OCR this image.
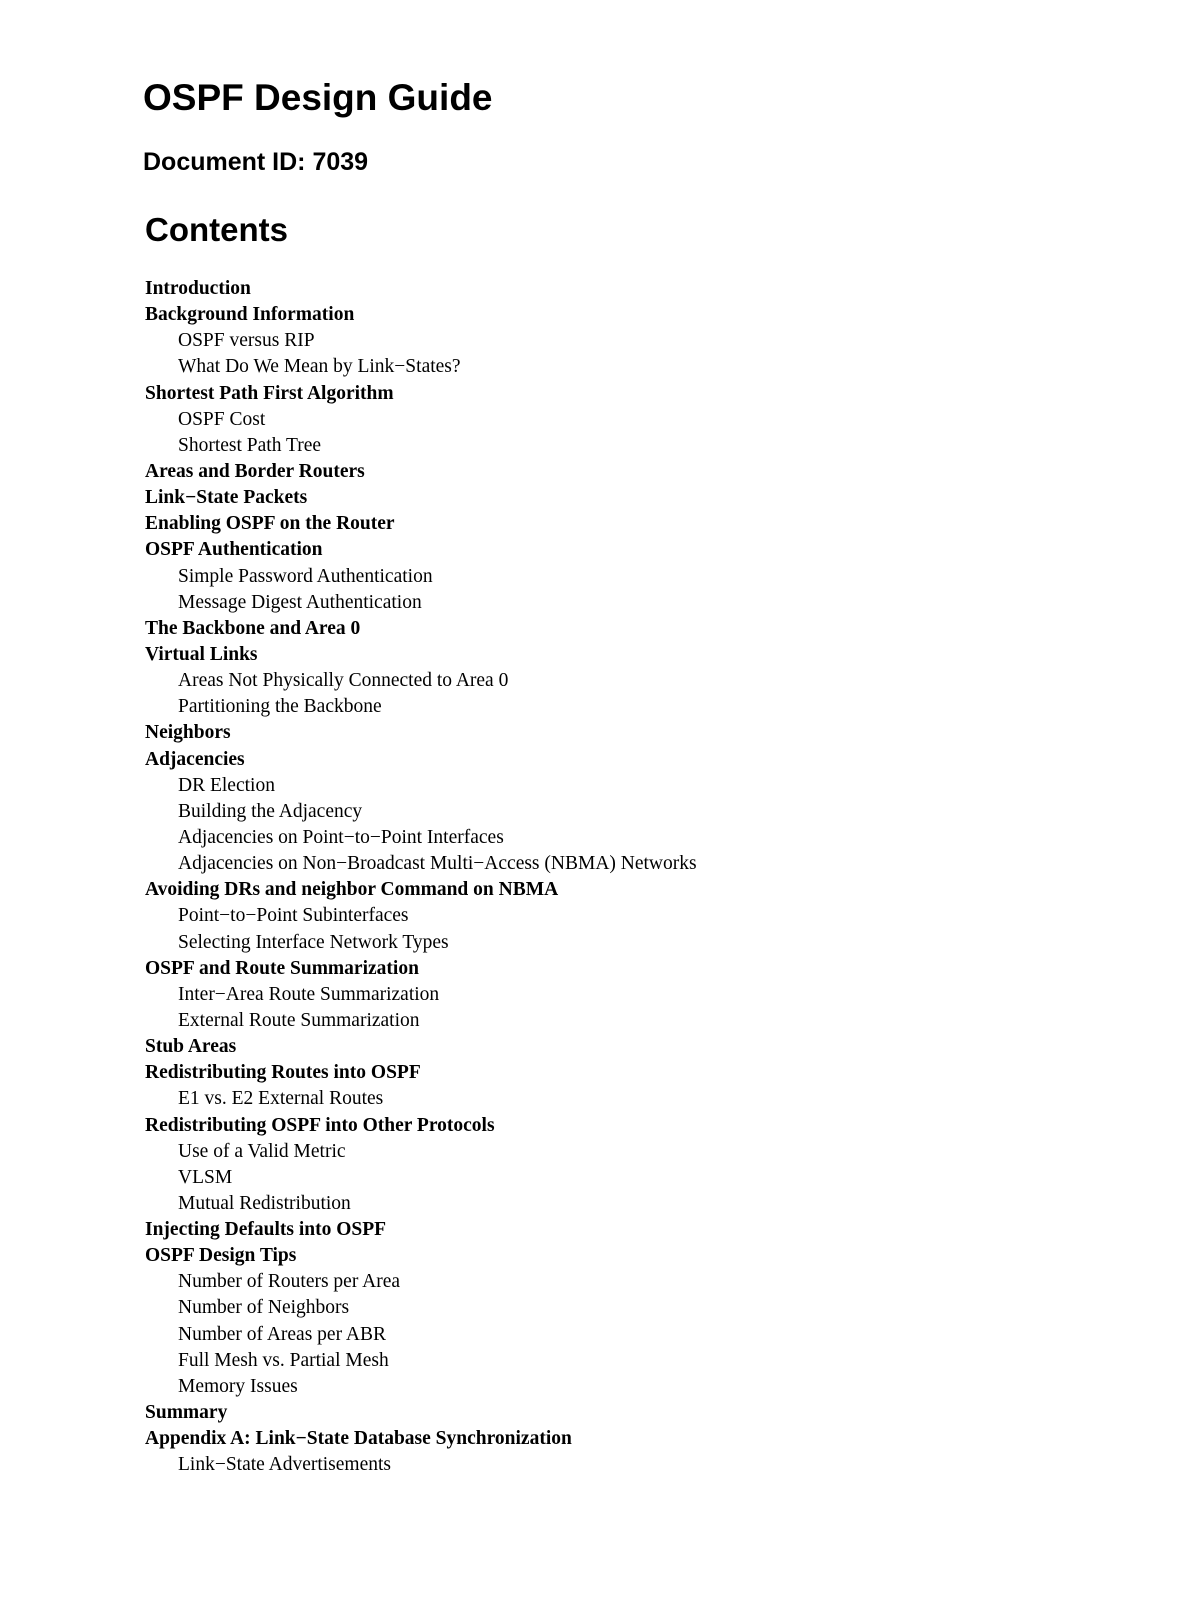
OSPF Design Guide
Document ID: 7039
Contents
Introduction
Background Information
OSPF versus RIP
What Do We Mean by Link−States?
Shortest Path First Algorithm
OSPF Cost
Shortest Path Tree
Areas and Border Routers
Link−State Packets
Enabling OSPF on the Router
OSPF Authentication
Simple Password Authentication
Message Digest Authentication
The Backbone and Area 0
Virtual Links
Areas Not Physically Connected to Area 0
Partitioning the Backbone
Neighbors
Adjacencies
DR Election
Building the Adjacency
Adjacencies on Point−to−Point Interfaces
Adjacencies on Non−Broadcast Multi−Access (NBMA) Networks
Avoiding DRs and neighbor Command on NBMA
Point−to−Point Subinterfaces
Selecting Interface Network Types
OSPF and Route Summarization
Inter−Area Route Summarization
External Route Summarization
Stub Areas
Redistributing Routes into OSPF
E1 vs. E2 External Routes
Redistributing OSPF into Other Protocols
Use of a Valid Metric
VLSM
Mutual Redistribution
Injecting Defaults into OSPF
OSPF Design Tips
Number of Routers per Area
Number of Neighbors
Number of Areas per ABR
Full Mesh vs. Partial Mesh
Memory Issues
Summary
Appendix A: Link−State Database Synchronization
Link−State Advertisements
